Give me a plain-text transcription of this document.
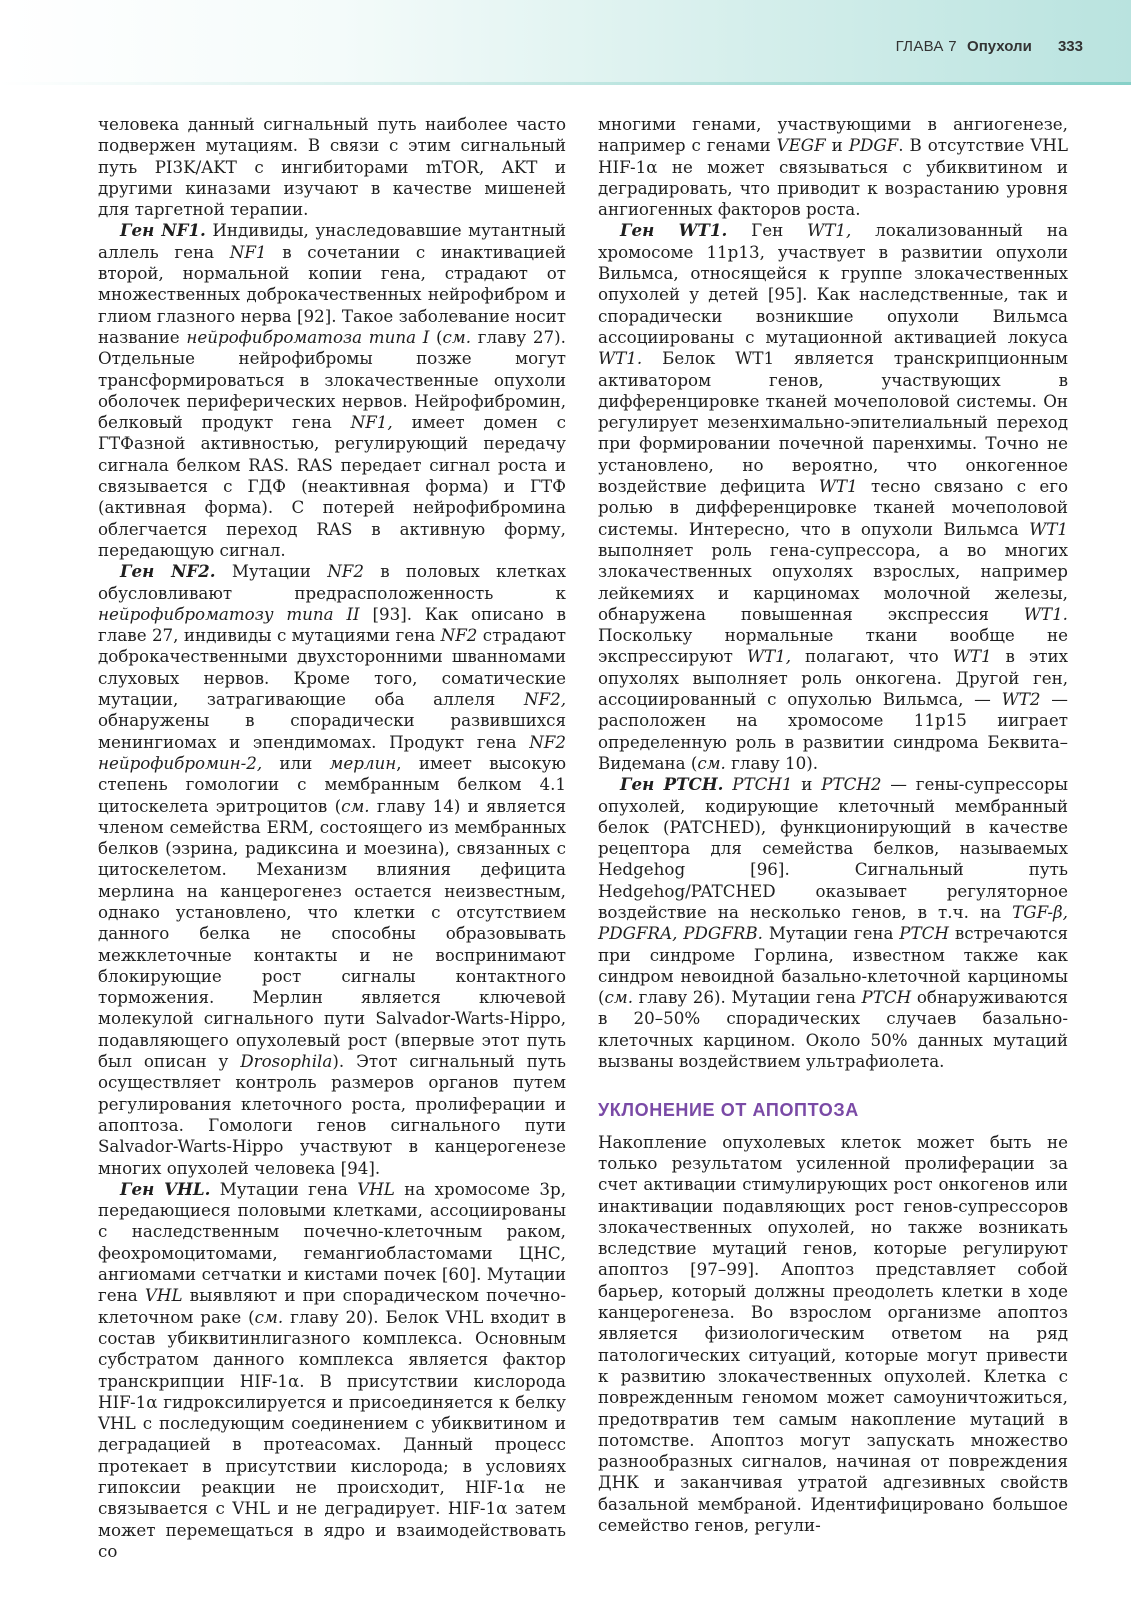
ГЛАВА 7 Опухоли 333

человека данный сигнальный путь наиболее часто подвержен мутациям. В связи с этим сигнальный путь PI3K/AKT с ингибиторами mTOR, AKT и другими киназами изучают в качестве мишеней для таргетной терапии.

Ген NF1. Индивиды, унаследовавшие мутантный аллель гена NF1 в сочетании с инактивацией второй, нормальной копии гена, страдают от множественных доброкачественных нейрофибром и глиом глазного нерва [92]. Такое заболевание носит название нейрофиброматоза типа I (см. главу 27). Отдельные нейрофибромы позже могут трансформироваться в злокачественные опухоли оболочек периферических нервов. Нейрофибромин, белковый продукт гена NF1, имеет домен с ГТФазной активностью, регулирующий передачу сигнала белком RAS. RAS передает сигнал роста и связывается с ГДФ (неактивная форма) и ГТФ (активная форма). С потерей нейрофибромина облегчается переход RAS в активную форму, передающую сигнал.

Ген NF2. Мутации NF2 в половых клетках обусловливают предрасположенность к нейрофиброматозу типа II [93]. Как описано в главе 27, индивиды с мутациями гена NF2 страдают доброкачественными двухсторонними шванномами слуховых нервов. Кроме того, соматические мутации, затрагивающие оба аллеля NF2, обнаружены в спорадически развившихся менингиомах и эпендимомах. Продукт гена NF2 нейрофибромин-2, или мерлин, имеет высокую степень гомологии с мембранным белком 4.1 цитоскелета эритроцитов (см. главу 14) и является членом семейства ERM, состоящего из мембранных белков (эзрина, радиксина и моезина), связанных с цитоскелетом. Механизм влияния дефицита мерлина на канцерогенез остается неизвестным, однако установлено, что клетки с отсутствием данного белка не способны образовывать межклеточные контакты и не воспринимают блокирующие рост сигналы контактного торможения. Мерлин является ключевой молекулой сигнального пути Salvador-Warts-Hippo, подавляющего опухолевый рост (впервые этот путь был описан у Drosophila). Этот сигнальный путь осуществляет контроль размеров органов путем регулирования клеточного роста, пролиферации и апоптоза. Гомологи генов сигнального пути Salvador-Warts-Hippo участвуют в канцерогенезе многих опухолей человека [94].

Ген VHL. Мутации гена VHL на хромосоме 3p, передающиеся половыми клетками, ассоциированы с наследственным почечно-клеточным раком, феохромоцитомами, гемангиобластомами ЦНС, ангиомами сетчатки и кистами почек [60]. Мутации гена VHL выявляют и при спорадическом почечно-клеточном раке (см. главу 20). Белок VHL входит в состав убиквитинлигазного комплекса. Основным субстратом данного комплекса является фактор транскрипции HIF-1α. В присутствии кислорода HIF-1α гидроксилируется и присоединяется к белку VHL с последующим соединением с убиквитином и деградацией в протеасомах. Данный процесс протекает в присутствии кислорода; в условиях гипоксии реакции не происходит, HIF-1α не связывается с VHL и не деградирует. HIF-1α затем может перемещаться в ядро и взаимодействовать со

многими генами, участвующими в ангиогенезе, например с генами VEGF и PDGF. В отсутствие VHL HIF-1α не может связываться с убиквитином и деградировать, что приводит к возрастанию уровня ангиогенных факторов роста.

Ген WT1. Ген WT1, локализованный на хромосоме 11p13, участвует в развитии опухоли Вильмса, относящейся к группе злокачественных опухолей у детей [95]. Как наследственные, так и спорадически возникшие опухоли Вильмса ассоциированы с мутационной активацией локуса WT1. Белок WT1 является транскрипционным активатором генов, участвующих в дифференцировке тканей мочеполовой системы. Он регулирует мезенхимально-эпителиальный переход при формировании почечной паренхимы. Точно не установлено, но вероятно, что онкогенное воздействие дефицита WT1 тесно связано с его ролью в дифференцировке тканей мочеполовой системы. Интересно, что в опухоли Вильмса WT1 выполняет роль гена-супрессора, а во многих злокачественных опухолях взрослых, например лейкемиях и карциномах молочной железы, обнаружена повышенная экспрессия WT1. Поскольку нормальные ткани вообще не экспрессируют WT1, полагают, что WT1 в этих опухолях выполняет роль онкогена. Другой ген, ассоциированный с опухолью Вильмса, — WT2 — расположен на хромосоме 11p15 иигрaет определенную роль в развитии синдрома Беквита–Видемана (см. главу 10).

Ген PTCH. PTCH1 и PTCH2 — гены-супрессоры опухолей, кодирующие клеточный мембранный белок (PATCHED), функционирующий в качестве рецептора для семейства белков, называемых Hedgehog [96]. Сигнальный путь Hedgehog/PATCHED оказывает регуляторное воздействие на несколько генов, в т.ч. на TGF-β, PDGFRA, PDGFRB. Мутации гена PTCH встречаются при синдроме Горлина, известном также как синдром невоидной базально-клеточной карциномы (см. главу 26). Мутации гена PTCH обнаруживаются в 20–50% спорадических случаев базально-клеточных карцином. Около 50% данных мутаций вызваны воздействием ультрафиолета.

УКЛОНЕНИЕ ОТ АПОПТОЗА

Накопление опухолевых клеток может быть не только результатом усиленной пролиферации за счет активации стимулирующих рост онкогенов или инактивации подавляющих рост генов-супрессоров злокачественных опухолей, но также возникать вследствие мутаций генов, которые регулируют апоптоз [97–99]. Апоптоз представляет собой барьер, который должны преодолеть клетки в ходе канцерогенеза. Во взрослом организме апоптоз является физиологическим ответом на ряд патологических ситуаций, которые могут привести к развитию злокачественных опухолей. Клетка с поврежденным геномом может самоуничтожиться, предотвратив тем самым накопление мутаций в потомстве. Апоптоз могут запускать множество разнообразных сигналов, начиная от повреждения ДНК и заканчивая утратой адгезивных свойств базальной мембраной. Идентифицировано большое семейство генов, регули-
